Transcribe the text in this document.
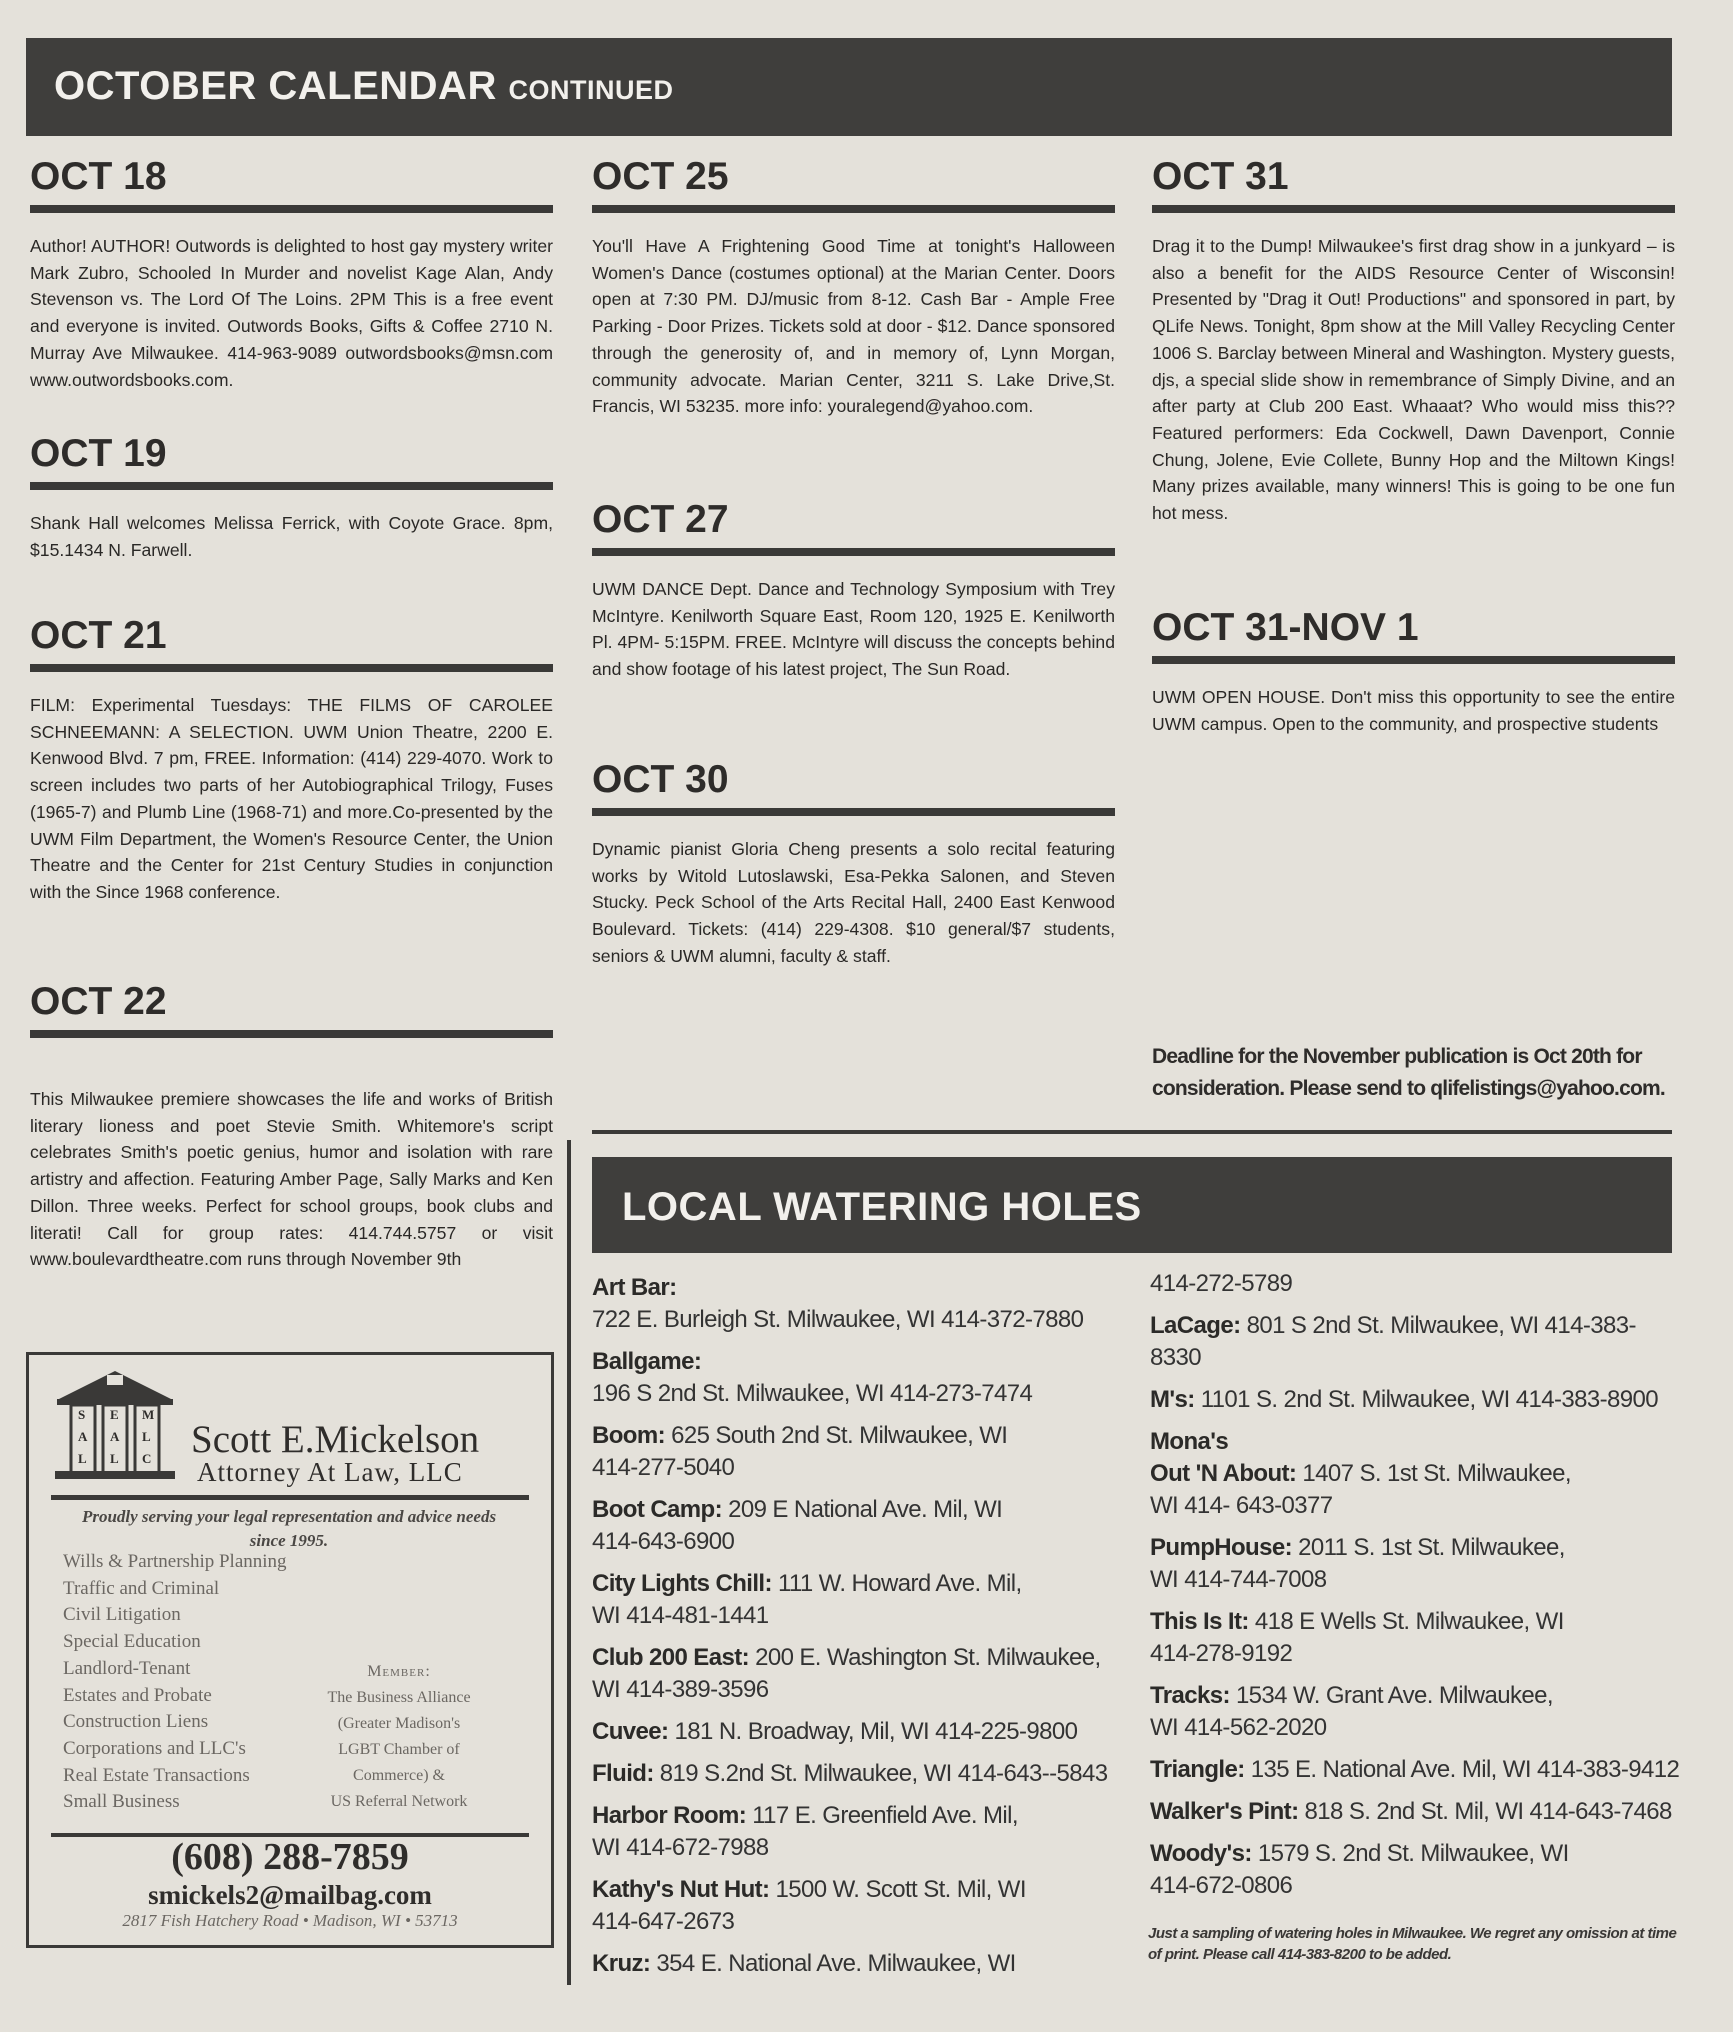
OCTOBER CALENDAR CONTINUED
OCT 18

Author! AUTHOR! Outwords is delighted to host gay mystery writer Mark Zubro, Schooled In Murder and novelist Kage Alan, Andy Stevenson vs. The Lord Of The Loins. 2PM This is a free event and everyone is invited. Outwords Books, Gifts & Coffee 2710 N. Murray Ave Milwaukee. 414-963-9089 outwordsbooks@msn.com www.outwordsbooks.com.

OCT 19

Shank Hall welcomes Melissa Ferrick, with Coyote Grace. 8pm, $15.1434 N. Farwell.

OCT 21

FILM: Experimental Tuesdays: THE FILMS OF CAROLEE SCHNEEMANN: A SELECTION. UWM Union Theatre, 2200 E. Kenwood Blvd. 7 pm, FREE. Information: (414) 229-4070. Work to screen includes two parts of her Autobiographical Trilogy, Fuses (1965-7) and Plumb Line (1968-71) and more.Co-presented by the UWM Film Department, the Women's Resource Center, the Union Theatre and the Center for 21st Century Studies in conjunction with the Since 1968 conference.

OCT 22

This Milwaukee premiere showcases the life and works of British literary lioness and poet Stevie Smith. Whitemore's script celebrates Smith's poetic genius, humor and isolation with rare artistry and affection. Featuring Amber Page, Sally Marks and Ken Dillon. Three weeks. Perfect for school groups, book clubs and literati! Call for group rates: 414.744.5757 or visit www.boulevardtheatre.com runs through November 9th

OCT 25

You'll Have A Frightening Good Time at tonight's Halloween Women's Dance (costumes optional) at the Marian Center. Doors open at 7:30 PM. DJ/music from 8-12. Cash Bar - Ample Free Parking - Door Prizes. Tickets sold at door - $12. Dance sponsored through the generosity of, and in memory of, Lynn Morgan, community advocate. Marian Center, 3211 S. Lake Drive,St. Francis, WI 53235. more info: youralegend@yahoo.com.

OCT 27

UWM DANCE Dept. Dance and Technology Symposium with Trey McIntyre. Kenilworth Square East, Room 120, 1925 E. Kenilworth Pl. 4PM- 5:15PM. FREE. McIntyre will discuss the concepts behind and show footage of his latest project, The Sun Road.

OCT 30

Dynamic pianist Gloria Cheng presents a solo recital featuring works by Witold Lutoslawski, Esa-Pekka Salonen, and Steven Stucky. Peck School of the Arts Recital Hall, 2400 East Kenwood Boulevard. Tickets: (414) 229-4308. $10 general/$7 students, seniors & UWM alumni, faculty & staff.

OCT 31

Drag it to the Dump! Milwaukee's first drag show in a junkyard – is also a benefit for the AIDS Resource Center of Wisconsin! Presented by "Drag it Out! Productions" and sponsored in part, by QLife News. Tonight, 8pm show at the Mill Valley Recycling Center 1006 S. Barclay between Mineral and Washington. Mystery guests, djs, a special slide show in remembrance of Simply Divine, and an after party at Club 200 East. Whaaat? Who would miss this?? Featured performers: Eda Cockwell, Dawn Davenport, Connie Chung, Jolene, Evie Collete, Bunny Hop and the Miltown Kings! Many prizes available, many winners! This is going to be one fun hot mess.

OCT 31-NOV 1

UWM OPEN HOUSE. Don't miss this opportunity to see the entire UWM campus. Open to the community, and prospective students

Deadline for the November publication is Oct 20th for consideration. Please send to qlifelistings@yahoo.com.
S E M
A A L
L L C Scott E.Mickelson
Attorney At Law, LLC
Proudly serving your legal representation and advice needs since 1995.
Wills & Partnership Planning
Traffic and Criminal
Civil Litigation
Special Education
Landlord-Tenant
Estates and Probate
Construction Liens
Corporations and LLC's
Real Estate Transactions
Small Business
Member:
The Business Alliance
(Greater Madison's
LGBT Chamber of
Commerce) &
US Referral Network
(608) 288-7859
smickels2@mailbag.com
2817 Fish Hatchery Road • Madison, WI • 53713
LOCAL WATERING HOLES
Art Bar:
722 E. Burleigh St. Milwaukee, WI 414-372-7880
Ballgame:
196 S 2nd St. Milwaukee, WI 414-273-7474
Boom: 625 South 2nd St. Milwaukee, WI 414-277-5040
Boot Camp: 209 E National Ave. Mil, WI 414-643-6900
City Lights Chill: 111 W. Howard Ave. Mil, WI 414-481-1441
Club 200 East: 200 E. Washington St. Milwaukee, WI 414-389-3596
Cuvee: 181 N. Broadway, Mil, WI 414-225-9800
Fluid: 819 S.2nd St. Milwaukee, WI 414-643--5843
Harbor Room: 117 E. Greenfield Ave. Mil, WI 414-672-7988
Kathy's Nut Hut: 1500 W. Scott St. Mil, WI 414-647-2673
Kruz: 354 E. National Ave. Milwaukee, WI
414-272-5789
LaCage: 801 S 2nd St. Milwaukee, WI 414-383-8330
M's: 1101 S. 2nd St. Milwaukee, WI 414-383-8900
Mona's
Out 'N About: 1407 S. 1st St. Milwaukee, WI 414- 643-0377
PumpHouse: 2011 S. 1st St. Milwaukee, WI 414-744-7008
This Is It: 418 E Wells St. Milwaukee, WI 414-278-9192
Tracks: 1534 W. Grant Ave. Milwaukee, WI 414-562-2020
Triangle: 135 E. National Ave. Mil, WI 414-383-9412
Walker's Pint: 818 S. 2nd St. Mil, WI 414-643-7468
Woody's: 1579 S. 2nd St. Milwaukee, WI 414-672-0806
Just a sampling of watering holes in Milwaukee. We regret any omission at time of print. Please call 414-383-8200 to be added.
